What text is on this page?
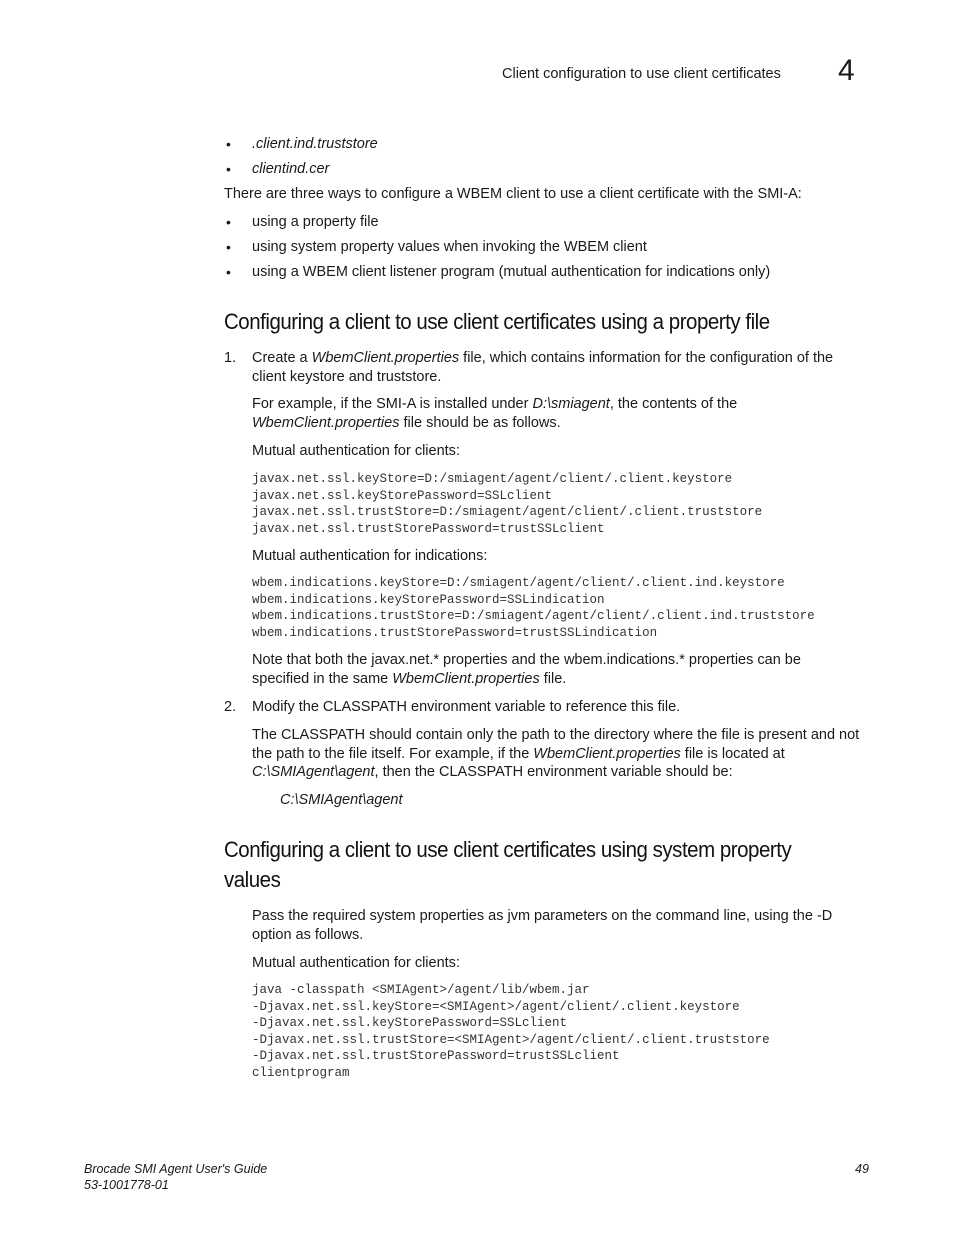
Client configuration to use client certificates 4
• .client.ind.truststore
• clientind.cer
There are three ways to configure a WBEM client to use a client certificate with the SMI-A:
• using a property file
• using system property values when invoking the WBEM client
• using a WBEM client listener program (mutual authentication for indications only)
Configuring a client to use client certificates using a property file
1. Create a WbemClient.properties file, which contains information for the configuration of the
client keystore and truststore.
For example, if the SMI-A is installed under D:\smiagent, the contents of the
WbemClient.properties file should be as follows.
Mutual authentication for clients:
javax.net.ssl.keyStore=D:/smiagent/agent/client/.client.keystore
javax.net.ssl.keyStorePassword=SSLclient
javax.net.ssl.trustStore=D:/smiagent/agent/client/.client.truststore
javax.net.ssl.trustStorePassword=trustSSLclient
Mutual authentication for indications:
wbem.indications.keyStore=D:/smiagent/agent/client/.client.ind.keystore
wbem.indications.keyStorePassword=SSLindication
wbem.indications.trustStore=D:/smiagent/agent/client/.client.ind.truststore
wbem.indications.trustStorePassword=trustSSLindication
Note that both the javax.net.* properties and the wbem.indications.* properties can be
specified in the same WbemClient.properties file.
2. Modify the CLASSPATH environment variable to reference this file.
The CLASSPATH should contain only the path to the directory where the file is present and not
the path to the file itself. For example, if the WbemClient.properties file is located at
C:\SMIAgent\agent, then the CLASSPATH environment variable should be:
C:\SMIAgent\agent
Configuring a client to use client certificates using system property
values
Pass the required system properties as jvm parameters on the command line, using the -D
option as follows.
Mutual authentication for clients:
java -classpath <SMIAgent>/agent/lib/wbem.jar
-Djavax.net.ssl.keyStore=<SMIAgent>/agent/client/.client.keystore
-Djavax.net.ssl.keyStorePassword=SSLclient
-Djavax.net.ssl.trustStore=<SMIAgent>/agent/client/.client.truststore
-Djavax.net.ssl.trustStorePassword=trustSSLclient
clientprogram
Brocade SMI Agent User's Guide
53-1001778-01
49
